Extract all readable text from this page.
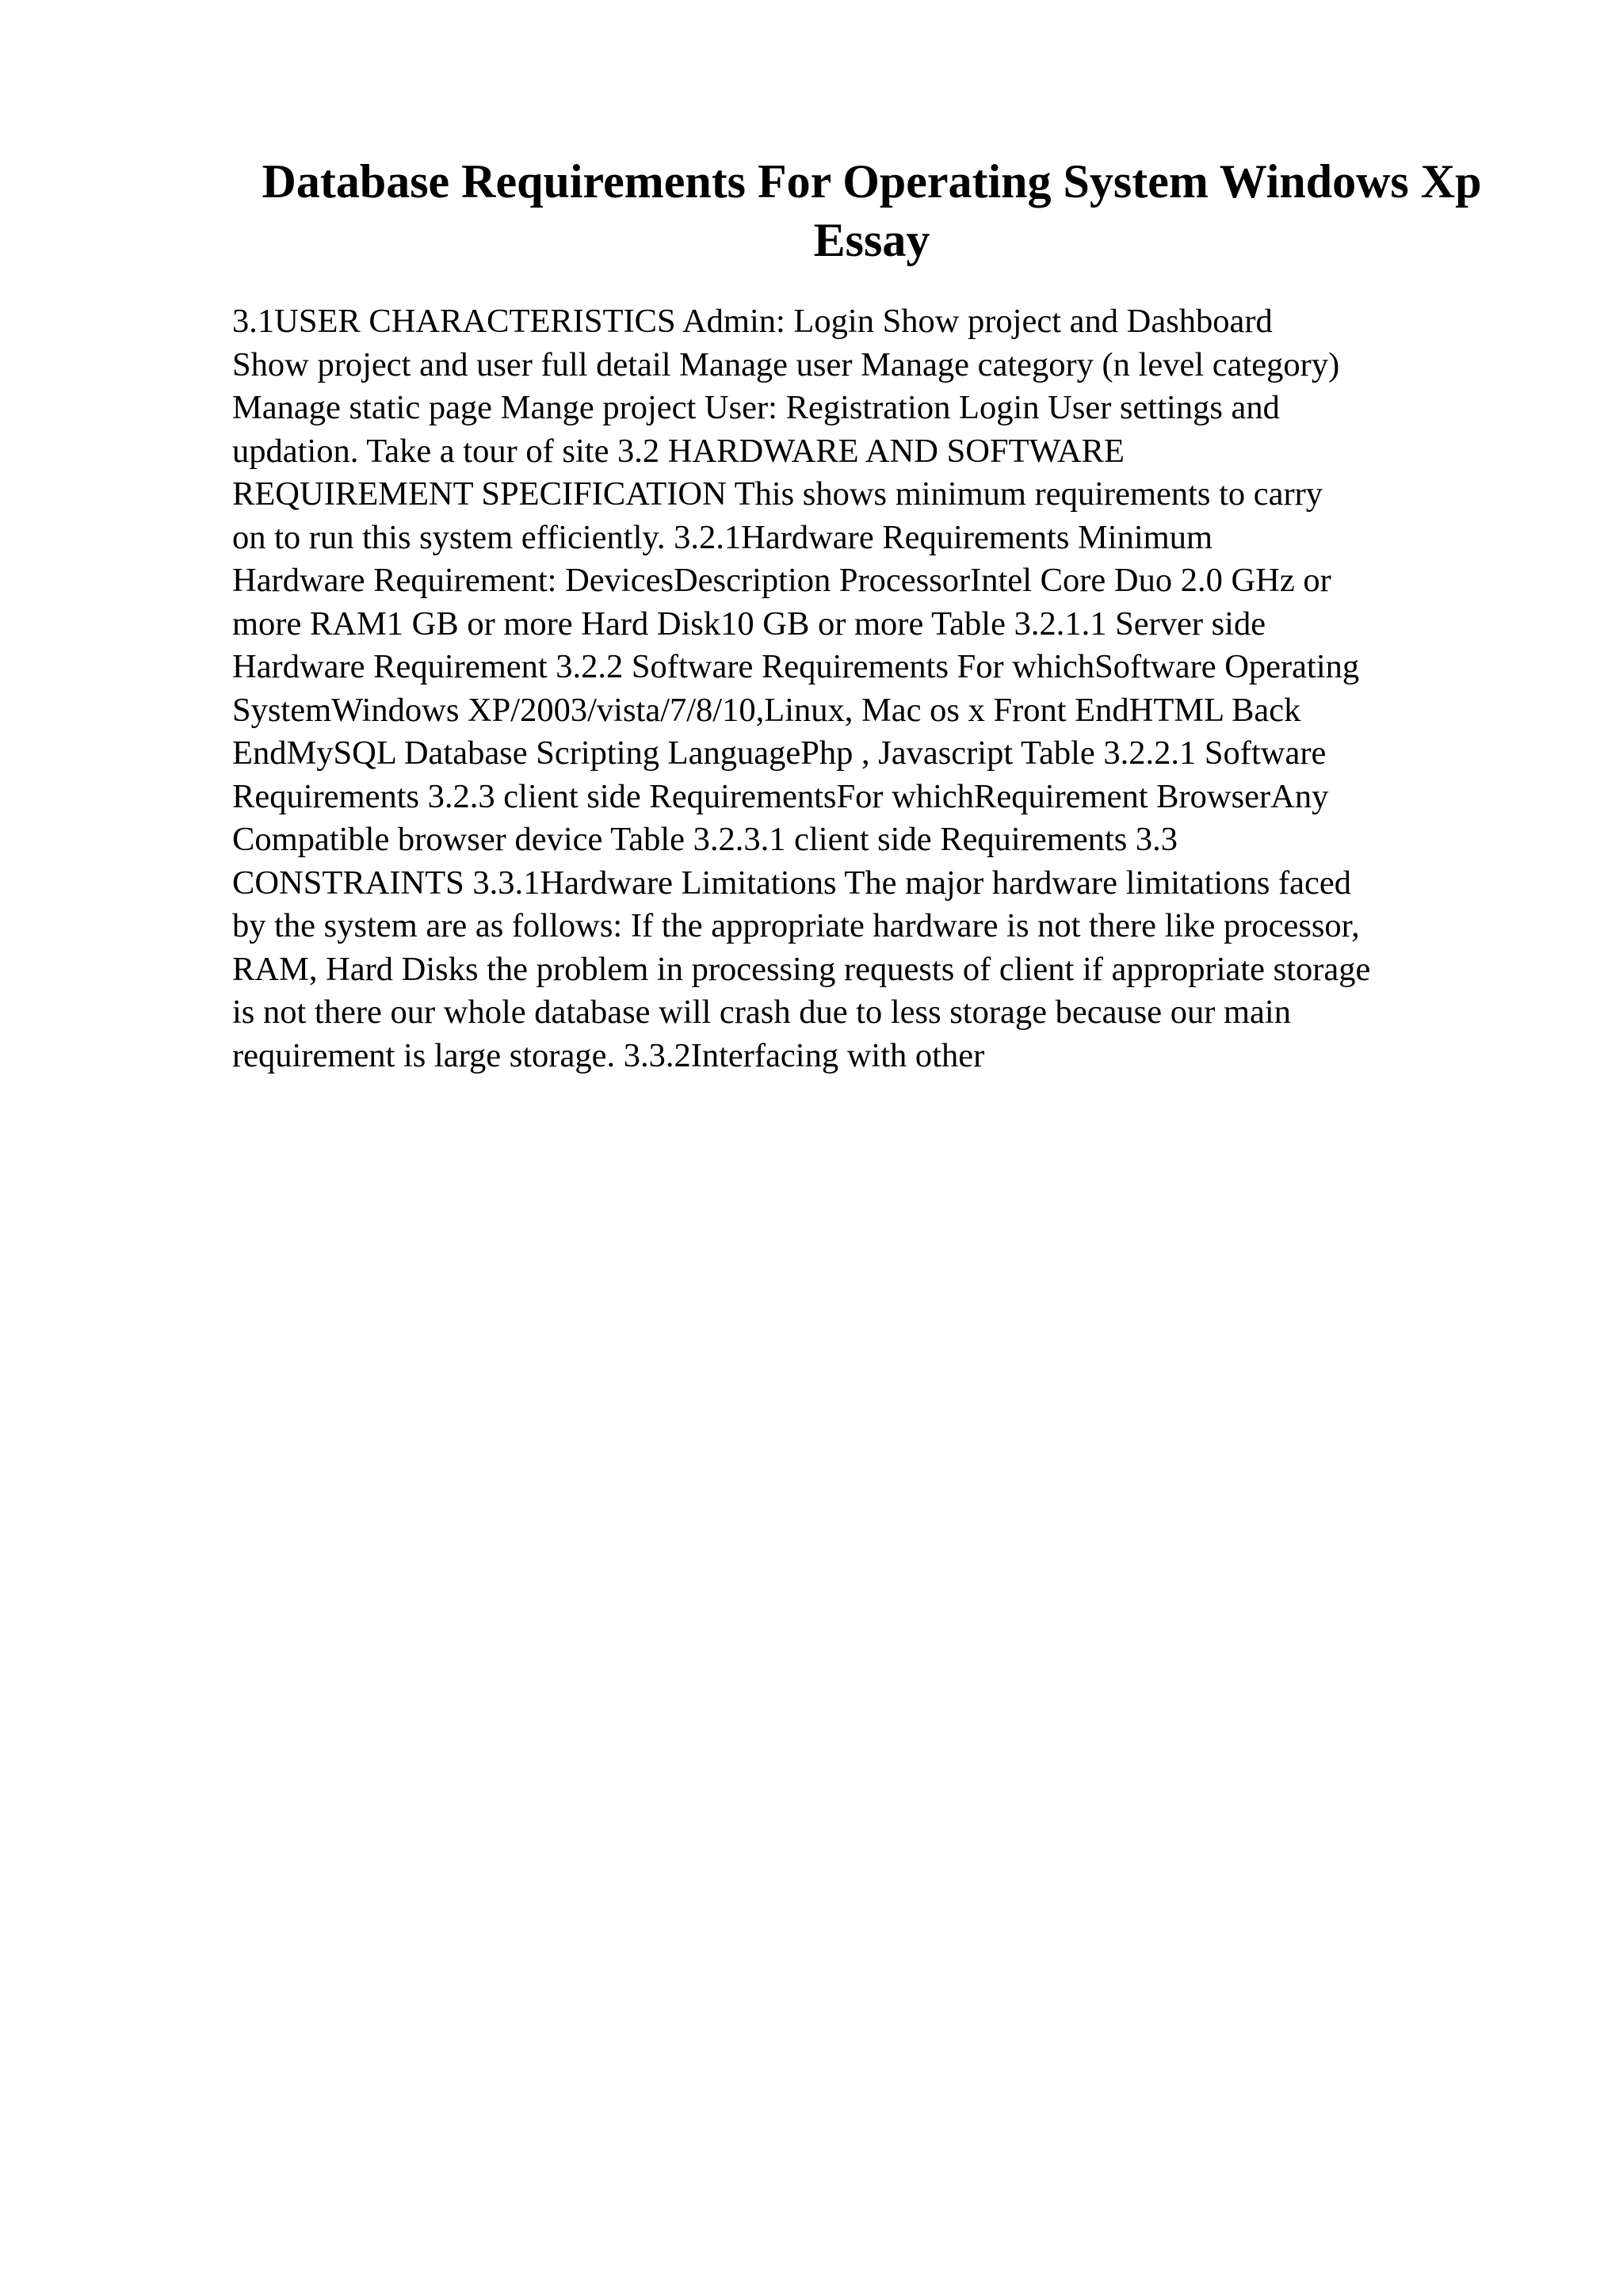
Database Requirements For Operating System Windows Xp
Essay
3.1USER CHARACTERISTICS Admin: Login Show project and Dashboard
Show project and user full detail Manage user Manage category (n level category)
Manage static page Mange project User: Registration Login User settings and
updation. Take a tour of site 3.2 HARDWARE AND SOFTWARE
REQUIREMENT SPECIFICATION This shows minimum requirements to carry
on to run this system efficiently. 3.2.1Hardware Requirements Minimum
Hardware Requirement: DevicesDescription ProcessorIntel Core Duo 2.0 GHz or
more RAM1 GB or more Hard Disk10 GB or more Table 3.2.1.1 Server side
Hardware Requirement 3.2.2 Software Requirements For whichSoftware Operating
SystemWindows XP/2003/vista/7/8/10,Linux, Mac os x Front EndHTML Back
EndMySQL Database Scripting LanguagePhp , Javascript Table 3.2.2.1 Software
Requirements 3.2.3 client side RequirementsFor whichRequirement BrowserAny
Compatible browser device Table 3.2.3.1 client side Requirements 3.3
CONSTRAINTS 3.3.1Hardware Limitations The major hardware limitations faced
by the system are as follows: If the appropriate hardware is not there like processor,
RAM, Hard Disks the problem in processing requests of client if appropriate storage
is not there our whole database will crash due to less storage because our main
requirement is large storage. 3.3.2Interfacing with other
